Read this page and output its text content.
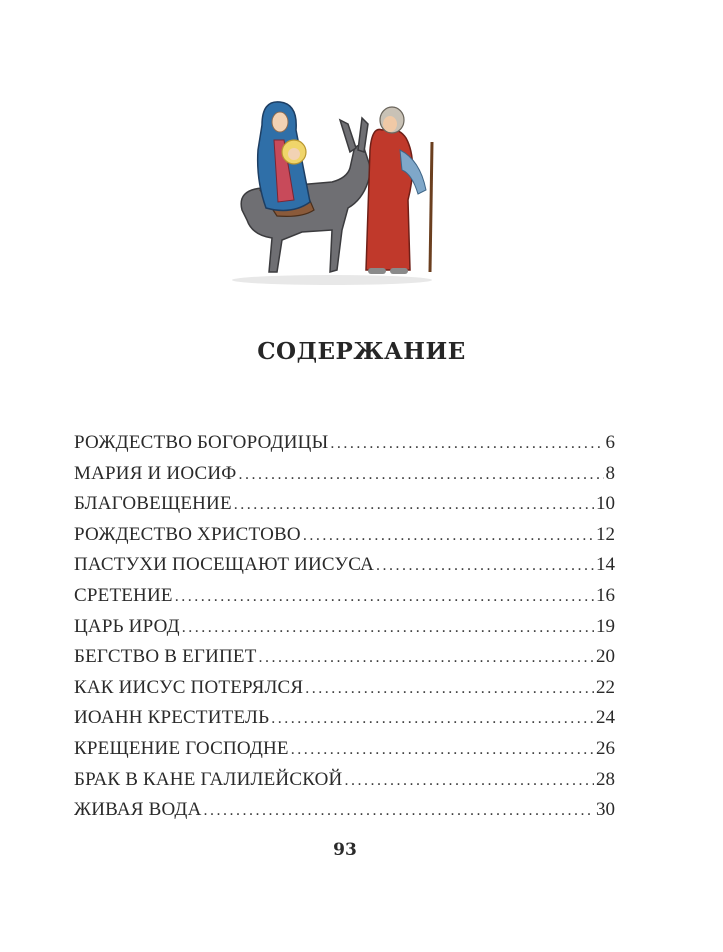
СОДЕРЖАНИЕ
РОЖДЕСТВО БОГОРОДИЦЫ . . .	6
МАРИЯ И ИОСИФ . . .	8
БЛАГОВЕЩЕНИЕ . . .	10
РОЖДЕСТВО ХРИСТОВО . . .	12
ПАСТУХИ ПОСЕЩАЮТ ИИСУСА . . .	14
СРЕТЕНИЕ . . .	16
ЦАРЬ ИРОД . . .	19
БЕГСТВО В ЕГИПЕТ . . .	20
КАК ИИСУС ПОТЕРЯЛСЯ . . .	22
ИОАНН КРЕСТИТЕЛЬ . . .	24
КРЕЩЕНИЕ ГОСПОДНЕ . . .	26
БРАК В КАНЕ ГАЛИЛЕЙСКОЙ . . .	28
ЖИВАЯ ВОДА . . .	30
93
